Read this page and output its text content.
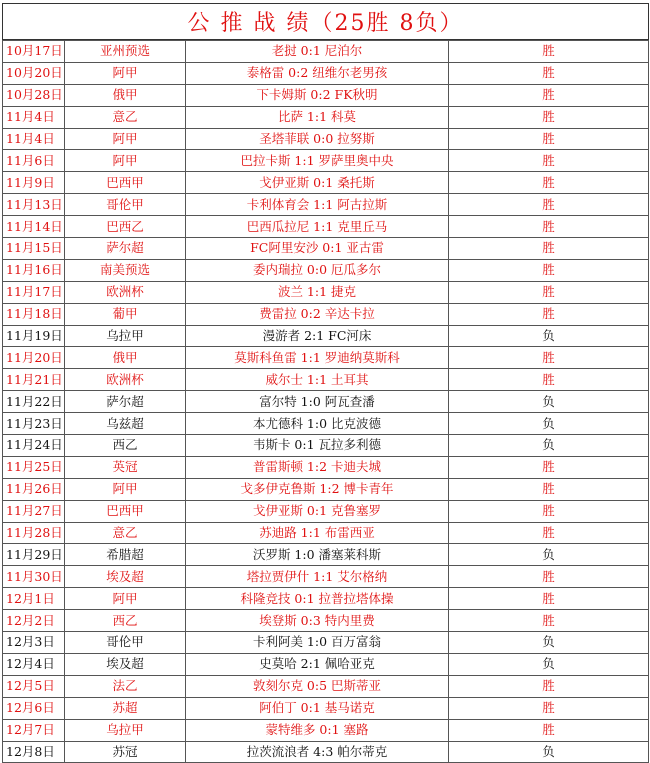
公 推 战 绩（25胜 8负）
10月17日	亚州预选	老挝 0:1 尼泊尔	胜
10月20日	阿甲	泰格雷 0:2 纽维尔老男孩	胜
10月28日	俄甲	下卡姆斯 0:2 FK秋明	胜
11月4日	意乙	比萨 1:1 科莫	胜
11月4日	阿甲	圣塔菲联 0:0 拉努斯	胜
11月6日	阿甲	巴拉卡斯 1:1 罗萨里奥中央	胜
11月9日	巴西甲	戈伊亚斯 0:1 桑托斯	胜
11月13日	哥伦甲	卡利体育会 1:1 阿古拉斯	胜
11月14日	巴西乙	巴西瓜拉尼 1:1 克里丘马	胜
11月15日	萨尔超	FC阿里安沙 0:1 亚古雷	胜
11月16日	南美预选	委内瑞拉 0:0 厄瓜多尔	胜
11月17日	欧洲杯	波兰 1:1 捷克	胜
11月18日	葡甲	费雷拉 0:2 辛达卡拉	胜
11月19日	乌拉甲	漫游者 2:1 FC河床	负
11月20日	俄甲	莫斯科鱼雷 1:1 罗迪纳莫斯科	胜
11月21日	欧洲杯	威尔士 1:1 土耳其	胜
11月22日	萨尔超	富尔特 1:0 阿瓦查潘	负
11月23日	乌兹超	本尤德科 1:0 比克波德	负
11月24日	西乙	韦斯卡 0:1 瓦拉多利德	负
11月25日	英冠	普雷斯顿 1:2 卡迪夫城	胜
11月26日	阿甲	戈多伊克鲁斯 1:2 博卡青年	胜
11月27日	巴西甲	戈伊亚斯 0:1 克鲁塞罗	胜
11月28日	意乙	苏迪路 1:1 布雷西亚	胜
11月29日	希腊超	沃罗斯 1:0 潘塞莱科斯	负
11月30日	埃及超	塔拉贾伊什 1:1 艾尔格纳	胜
12月1日	阿甲	科隆竞技 0:1 拉普拉塔体操	胜
12月2日	西乙	埃登斯 0:3 特内里费	胜
12月3日	哥伦甲	卡利阿美 1:0 百万富翁	负
12月4日	埃及超	史莫哈 2:1 佩哈亚克	负
12月5日	法乙	敦刻尔克 0:5 巴斯蒂亚	胜
12月6日	苏超	阿伯丁 0:1 基马诺克	胜
12月7日	乌拉甲	蒙特维多 0:1 塞路	胜
12月8日	苏冠	拉茨流浪者 4:3 帕尔蒂克	负
